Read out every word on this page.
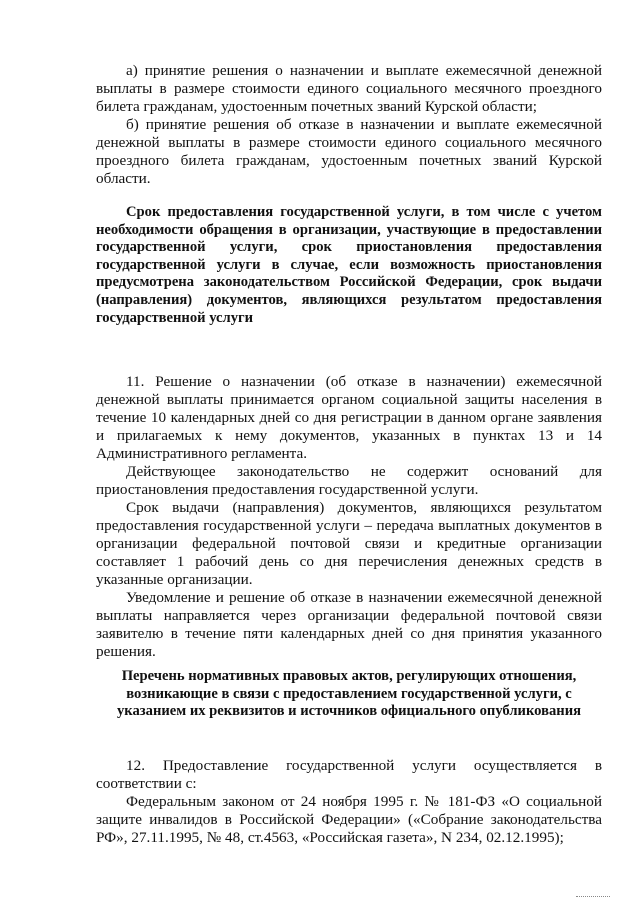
а) принятие решения о назначении и выплате ежемесячной денежной выплаты в размере стоимости единого социального месячного проездного билета гражданам, удостоенным почетных званий Курской области;

б) принятие решения об отказе в назначении и выплате ежемесячной денежной выплаты в размере стоимости единого социального месячного проездного билета гражданам, удостоенным почетных званий Курской области.

Срок предоставления государственной услуги, в том числе с учетом необходимости обращения в организации, участвующие в предоставлении государственной услуги, срок приостановления предоставления государственной услуги в случае, если возможность приостановления предусмотрена законодательством Российской Федерации, срок выдачи (направления) документов, являющихся результатом предоставления государственной услуги

11. Решение о назначении (об отказе в назначении) ежемесячной денежной выплаты принимается органом социальной защиты населения в течение 10 календарных дней со дня регистрации в данном органе заявления и прилагаемых к нему документов, указанных в пунктах 13 и 14 Административного регламента.

Действующее законодательство не содержит оснований для приостановления предоставления государственной услуги.

Срок выдачи (направления) документов, являющихся результатом предоставления государственной услуги – передача выплатных документов в организации федеральной почтовой связи и кредитные организации составляет 1 рабочий день со дня перечисления денежных средств в указанные организации.

Уведомление и решение об отказе в назначении ежемесячной денежной выплаты направляется через организации федеральной почтовой связи заявителю в течение пяти календарных дней со дня принятия указанного решения.

Перечень нормативных правовых актов, регулирующих отношения, возникающие в связи с предоставлением государственной услуги, с указанием их реквизитов и источников официального опубликования

12. Предоставление государственной услуги осуществляется в соответствии с:

Федеральным законом от 24 ноября 1995 г. № 181-ФЗ «О социальной защите инвалидов в Российской Федерации» («Собрание законодательства РФ», 27.11.1995, № 48, ст.4563, «Российская газета», N 234, 02.12.1995);
